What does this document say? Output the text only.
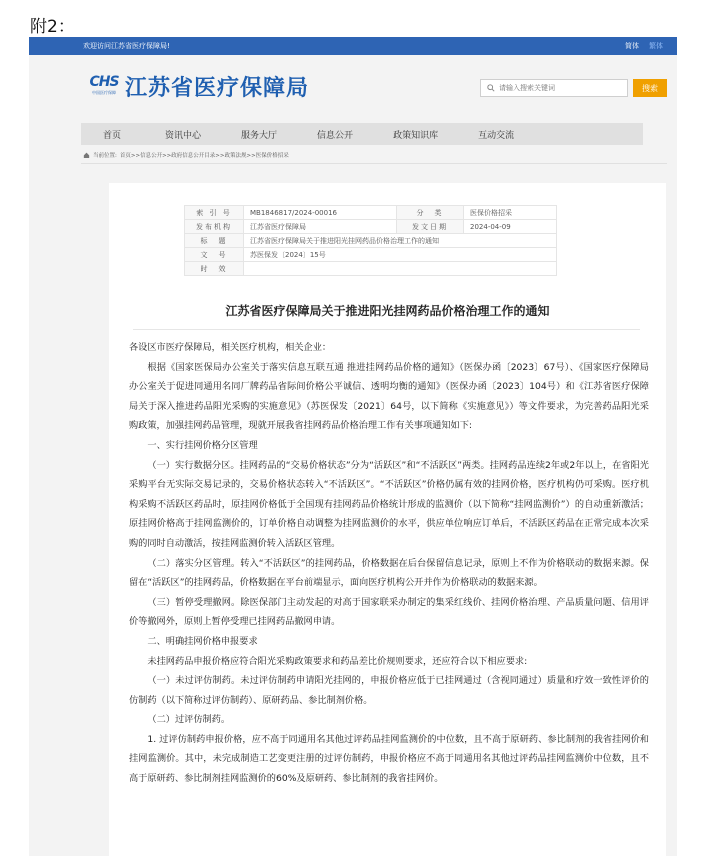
附2：
欢迎访问江苏省医疗保障局!	简体 繁体
CHS
中国医疗保障 江苏省医疗保障局
请输入搜索关键词	搜索
首页	资讯中心	服务大厅	信息公开	政策知识库	互动交流
当前位置: 首页>>信息公开>>政府信息公开目录>>政策法规>>医保价格招采
索 引 号	MB1846817/2024-00016	分　类	医保价格招采
发布机构	江苏省医疗保障局	发文日期	2024-04-09
标　题	江苏省医疗保障局关于推进阳光挂网药品价格治理工作的通知		
文　号	苏医保发〔2024〕15号		
时　效			
江苏省医疗保障局关于推进阳光挂网药品价格治理工作的通知

各设区市医疗保障局，相关医疗机构，相关企业：

根据《国家医保局办公室关于落实信息互联互通 推进挂网药品价格的通知》（医保办函〔2023〕67号）、《国家医疗保障局办公室关于促进同通用名同厂牌药品省际间价格公平诚信、透明均衡的通知》（医保办函〔2023〕104号）和《江苏省医疗保障局关于深入推进药品阳光采购的实施意见》（苏医保发〔2021〕64号，以下简称《实施意见》）等文件要求，为完善药品阳光采购政策，加强挂网药品管理，现就开展我省挂网药品价格治理工作有关事项通知如下:

一、实行挂网价格分区管理

（一）实行数据分区。挂网药品的“交易价格状态”分为“活跃区”和“不活跃区”两类。挂网药品连续2年或2年以上，在省阳光采购平台无实际交易记录的，交易价格状态转入“不活跃区”。“不活跃区”价格仍属有效的挂网价格，医疗机构仍可采购。医疗机构采购不活跃区药品时，原挂网价格低于全国现有挂网药品价格统计形成的监测价（以下简称“挂网监测价”）的自动重新激活；原挂网价格高于挂网监测价的，订单价格自动调整为挂网监测价的水平，供应单位响应订单后，不活跃区药品在正常完成本次采购的同时自动激活，按挂网监测价转入活跃区管理。

（二）落实分区管理。转入“不活跃区”的挂网药品，价格数据在后台保留信息记录，原则上不作为价格联动的数据来源。保留在“活跃区”的挂网药品，价格数据在平台前端显示，面向医疗机构公开并作为价格联动的数据来源。

（三）暂停受理撤网。除医保部门主动发起的对高于国家联采办制定的集采红线价、挂网价格治理、产品质量问题、信用评价等撤网外，原则上暂停受理已挂网药品撤网申请。

二、明确挂网价格申报要求

未挂网药品申报价格应符合阳光采购政策要求和药品差比价规则要求，还应符合以下相应要求:

（一）未过评仿制药。未过评仿制药申请阳光挂网的，申报价格应低于已挂网通过（含视同通过）质量和疗效一致性评价的仿制药（以下简称过评仿制药）、原研药品、参比制剂价格。

（二）过评仿制药。

1. 过评仿制药申报价格，应不高于同通用名其他过评药品挂网监测价的中位数，且不高于原研药、参比制剂的我省挂网价和挂网监测价。其中，未完成制造工艺变更注册的过评仿制药，申报价格应不高于同通用名其他过评药品挂网监测价中位数，且不高于原研药、参比制剂挂网监测价的60%及原研药、参比制剂的我省挂网价。
